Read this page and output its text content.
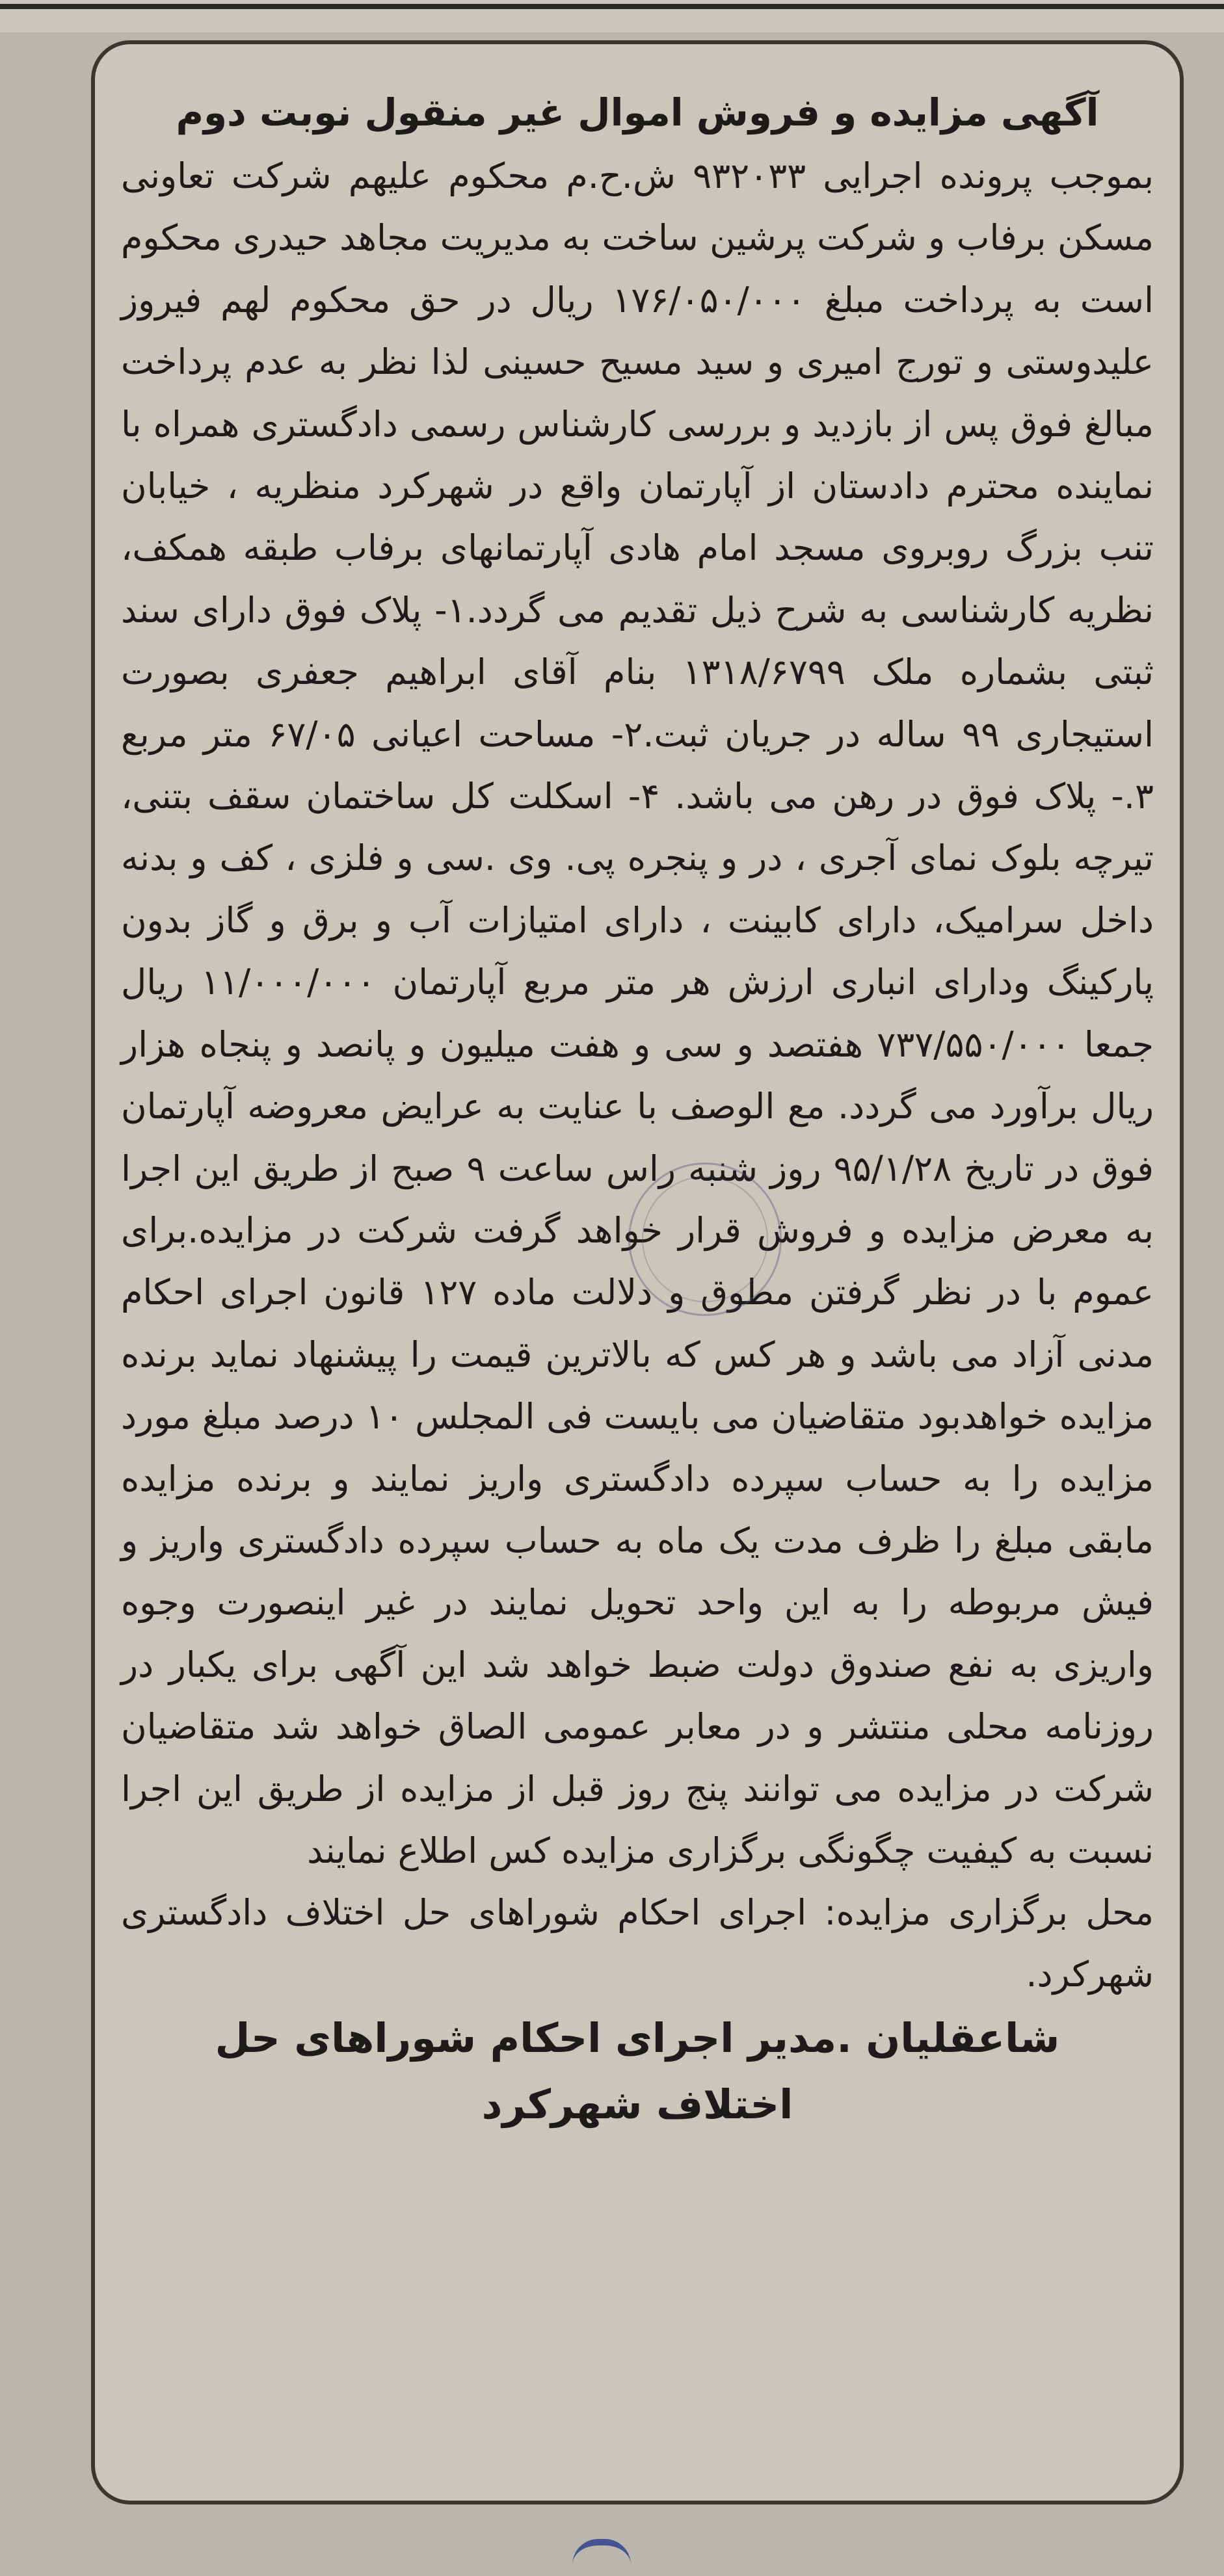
آگهی مزایده و فروش اموال غیر منقول نوبت دوم

بموجب پرونده اجرایی ۹۳۲۰۳۳ ش.ح.م محکوم علیهم شرکت تعاونی مسکن برفاب و شرکت پرشین ساخت به مدیریت مجاهد حیدری محکوم است به پرداخت مبلغ ۱۷۶/۰۵۰/۰۰۰ ریال در حق محکوم لهم فیروز علیدوستی و تورج امیری و سید مسیح حسینی لذا نظر به عدم پرداخت مبالغ فوق پس از بازدید و بررسی کارشناس رسمی دادگستری همراه با نماینده محترم دادستان از آپارتمان واقع در شهرکرد منظریه ، خیابان تنب بزرگ روبروی مسجد امام هادی آپارتمانهای برفاب طبقه همکف، نظریه کارشناسی به شرح ذیل تقدیم می گردد.۱- پلاک فوق دارای سند ثبتی بشماره ملک ۱۳۱۸/۶۷۹۹ بنام آقای ابراهیم جعفری بصورت استیجاری ۹۹ ساله در جریان ثبت.۲- مساحت اعیانی ۶۷/۰۵ متر مربع ۳.- پلاک فوق در رهن می باشد. ۴- اسکلت کل ساختمان سقف بتنی، تیرچه بلوک نمای آجری ، در و پنجره پی. وی .سی و فلزی ، کف و بدنه داخل سرامیک، دارای کابینت ، دارای امتیازات آب و برق و گاز بدون پارکینگ ودارای انباری ارزش هر متر مربع آپارتمان ۱۱/۰۰۰/۰۰۰ ریال جمعا ۷۳۷/۵۵۰/۰۰۰ هفتصد و سی و هفت میلیون و پانصد و پنجاه هزار ریال برآورد می گردد. مع الوصف با عنایت به عرایض معروضه آپارتمان فوق در تاریخ ۹۵/۱/۲۸ روز شنبه راس ساعت ۹ صبح از طریق این اجرا به معرض مزایده و فروش قرار خواهد گرفت شرکت در مزایده.برای عموم با در نظر گرفتن مطوق و دلالت ماده ۱۲۷ قانون اجرای احکام مدنی آزاد می باشد و هر کس که بالاترین قیمت را پیشنهاد نماید برنده مزایده خواهدبود متقاضیان می بایست فی المجلس ۱۰ درصد مبلغ مورد مزایده را به حساب سپرده دادگستری واریز نمایند و برنده مزایده مابقی مبلغ را ظرف مدت یک ماه به حساب سپرده دادگستری واریز و فیش مربوطه را به این واحد تحویل نمایند در غیر اینصورت وجوه واریزی به نفع صندوق دولت ضبط خواهد شد این آگهی برای یکبار در روزنامه محلی منتشر و در معابر عمومی الصاق خواهد شد متقاضیان شرکت در مزایده می توانند پنج روز قبل از مزایده از طریق این اجرا نسبت به کیفیت چگونگی برگزاری مزایده کس اطلاع نمایند

محل برگزاری مزایده: اجرای احکام شوراهای حل اختلاف دادگستری شهرکرد.

شاعقلیان .مدیر اجرای احکام شوراهای حل اختلاف شهرکرد
